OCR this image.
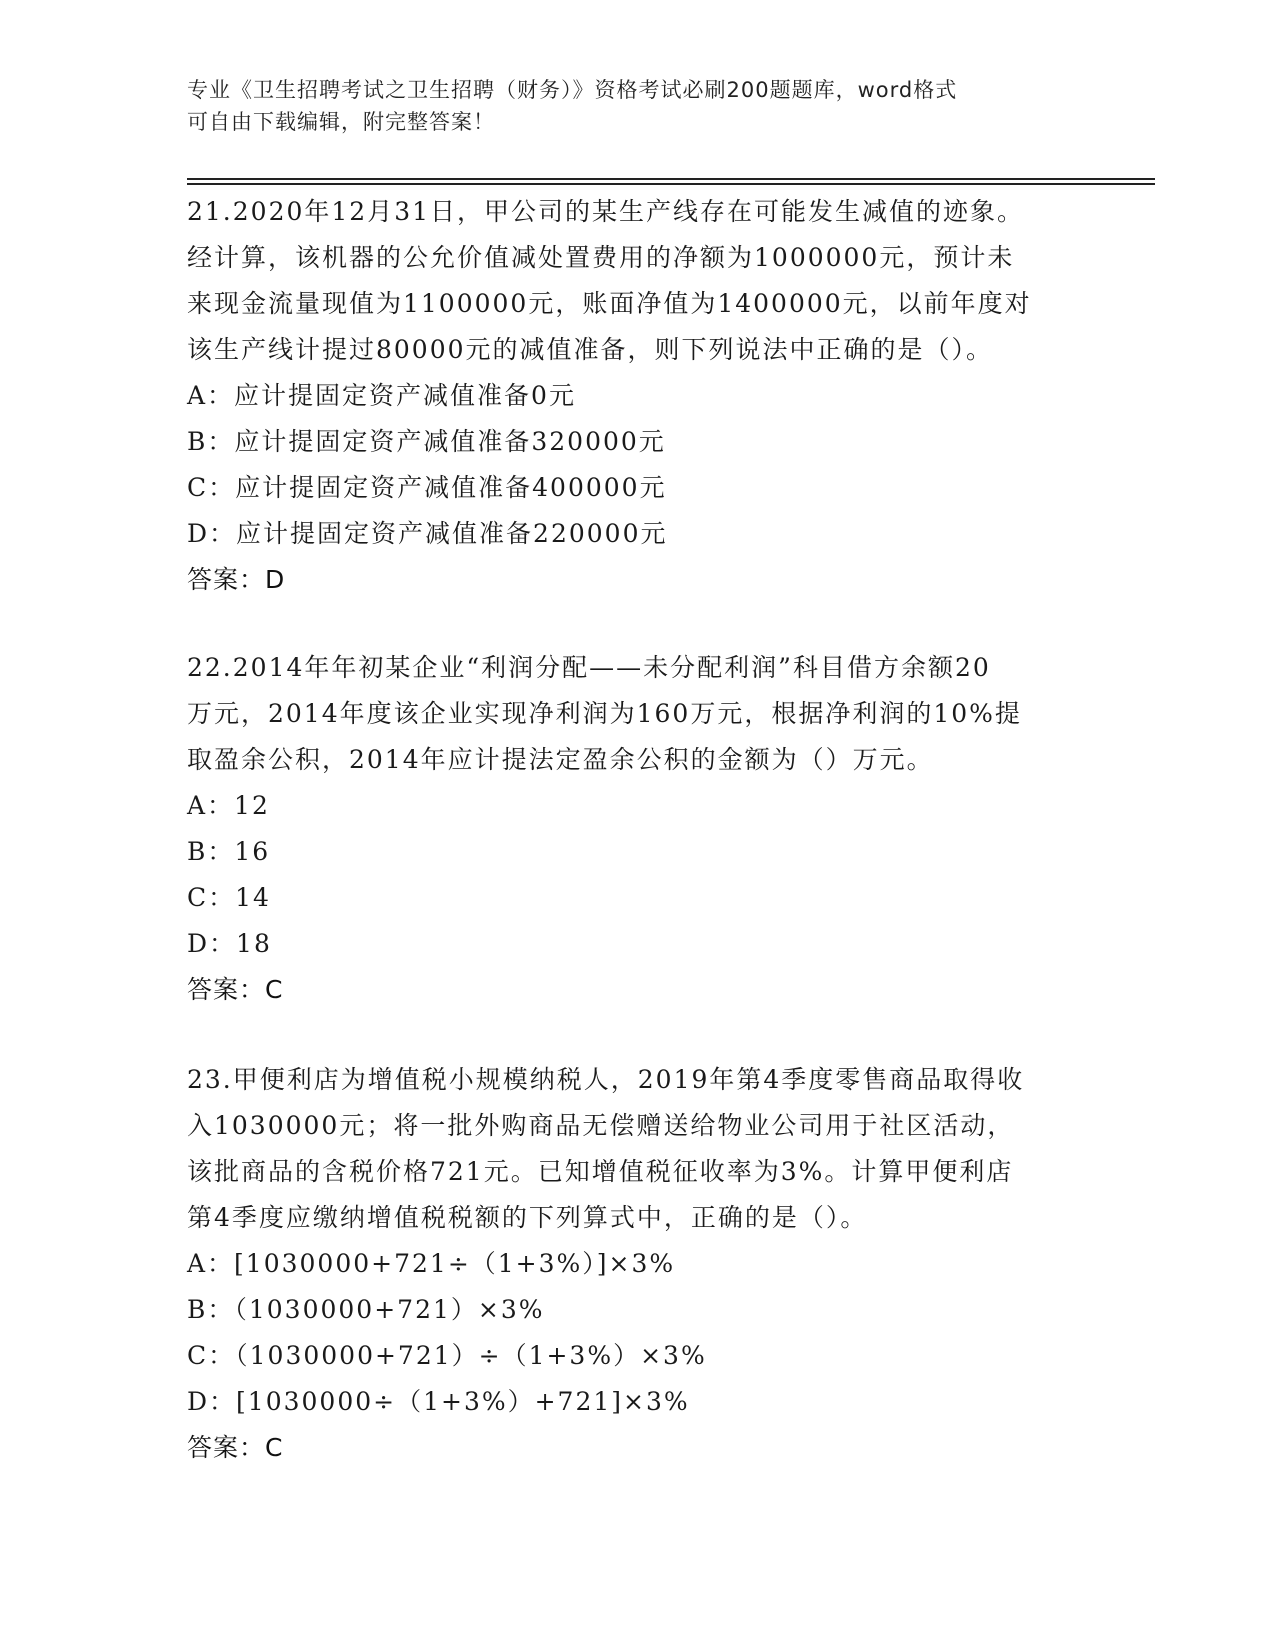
专业《卫生招聘考试之卫生招聘（财务）》资格考试必刷200题题库，word格式
可自由下载编辑，附完整答案！
21.2020年12月31日，甲公司的某生产线存在可能发生减值的迹象。
经计算，该机器的公允价值减处置费用的净额为1000000元，预计未
来现金流量现值为1100000元，账面净值为1400000元，以前年度对
该生产线计提过80000元的减值准备，则下列说法中正确的是（）。
A：应计提固定资产减值准备0元
B：应计提固定资产减值准备320000元
C：应计提固定资产减值准备400000元
D：应计提固定资产减值准备220000元
答案：D
22.2014年年初某企业“利润分配——未分配利润”科目借方余额20
万元，2014年度该企业实现净利润为160万元，根据净利润的10%提
取盈余公积，2014年应计提法定盈余公积的金额为（）万元。
A：12
B：16
C：14
D：18
答案：C
23.甲便利店为增值税小规模纳税人，2019年第4季度零售商品取得收
入1030000元；将一批外购商品无偿赠送给物业公司用于社区活动，
该批商品的含税价格721元。已知增值税征收率为3%。计算甲便利店
第4季度应缴纳增值税税额的下列算式中，正确的是（）。
A：[1030000+721÷（1+3%）]×3%
B：（1030000+721）×3%
C：（1030000+721）÷（1+3%）×3%
D：[1030000÷（1+3%）+721]×3%
答案：C
